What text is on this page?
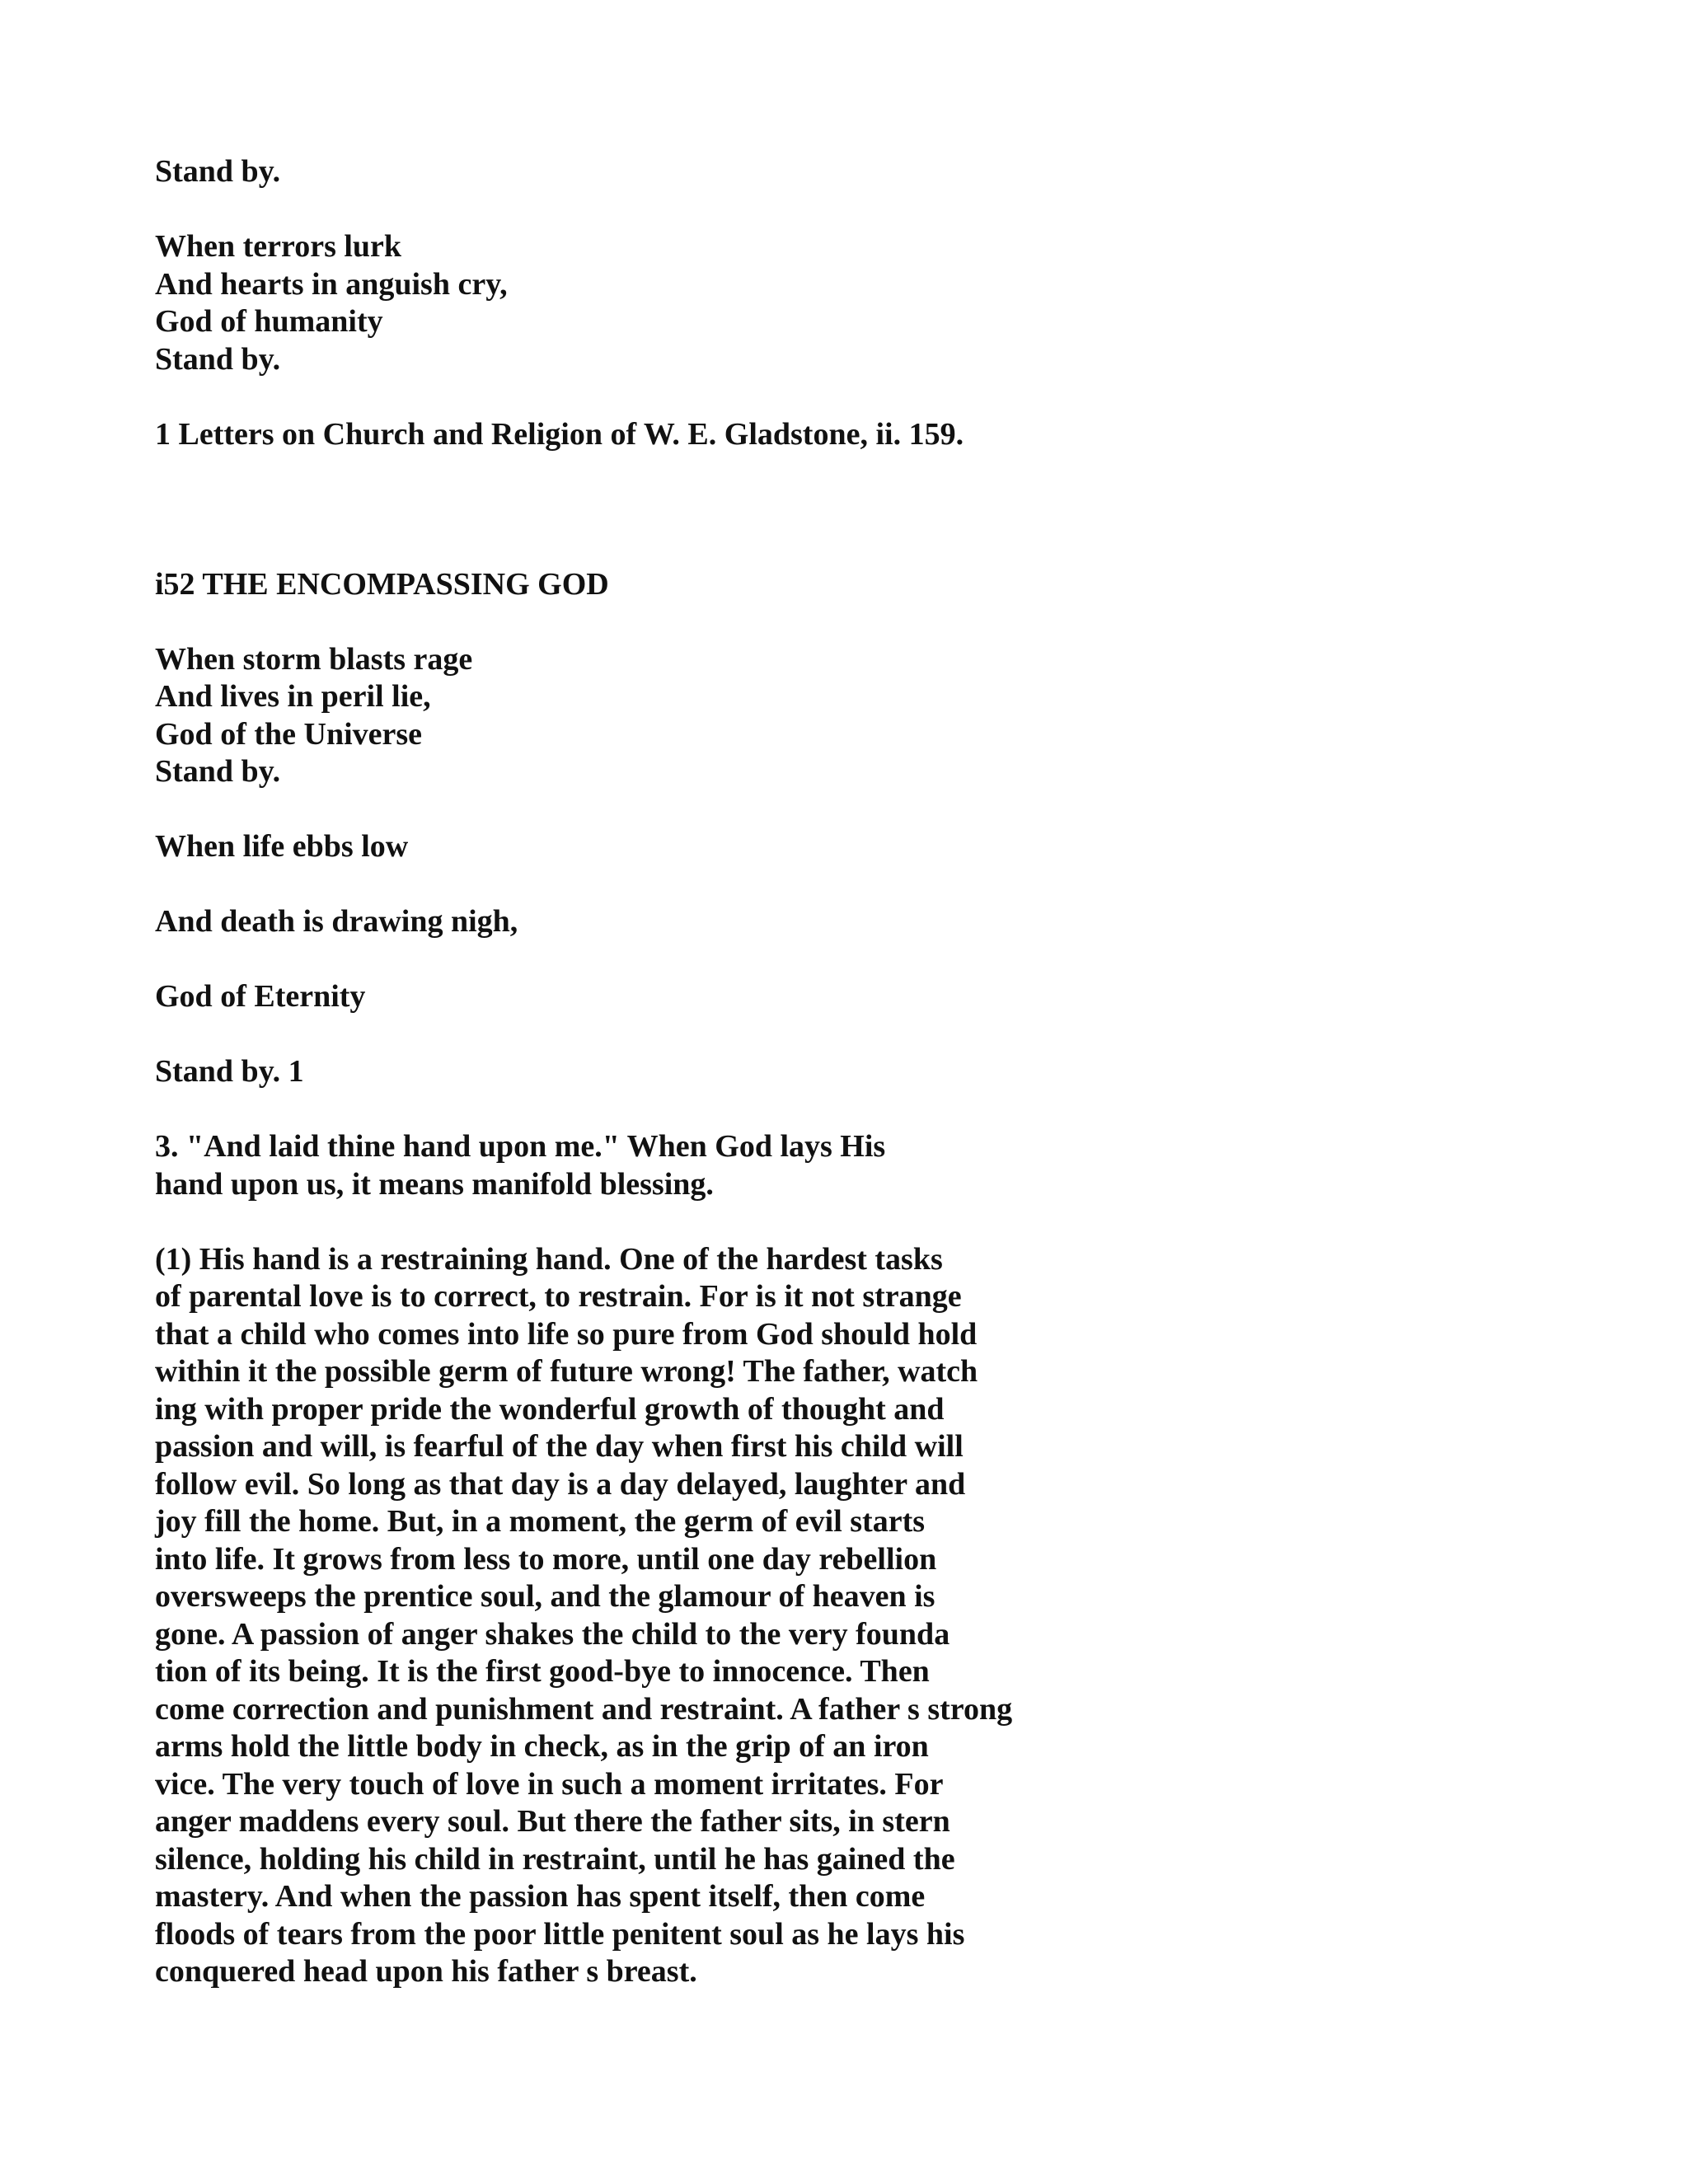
Stand by.

When terrors lurk
And hearts in anguish cry,
God of humanity
Stand by.

1 Letters on Church and Religion of W. E. Gladstone, ii. 159.

i52 THE ENCOMPASSING GOD

When storm blasts rage
And lives in peril lie,
God of the Universe
Stand by.

When life ebbs low

And death is drawing nigh,

God of Eternity

Stand by. 1

3. "And laid thine hand upon me." When God lays His
hand upon us, it means manifold blessing.

(1) His hand is a restraining hand. One of the hardest tasks
of parental love is to correct, to restrain. For is it not strange
that a child who comes into life so pure from God should hold
within it the possible germ of future wrong! The father, watch
ing with proper pride the wonderful growth of thought and
passion and will, is fearful of the day when first his child will
follow evil. So long as that day is a day delayed, laughter and
joy fill the home. But, in a moment, the germ of evil starts
into life. It grows from less to more, until one day rebellion
oversweeps the prentice soul, and the glamour of heaven is
gone. A passion of anger shakes the child to the very founda
tion of its being. It is the first good-bye to innocence. Then
come correction and punishment and restraint. A father s strong
arms hold the little body in check, as in the grip of an iron
vice. The very touch of love in such a moment irritates. For
anger maddens every soul. But there the father sits, in stern
silence, holding his child in restraint, until he has gained the
mastery. And when the passion has spent itself, then come
floods of tears from the poor little penitent soul as he lays his
conquered head upon his father s breast.
